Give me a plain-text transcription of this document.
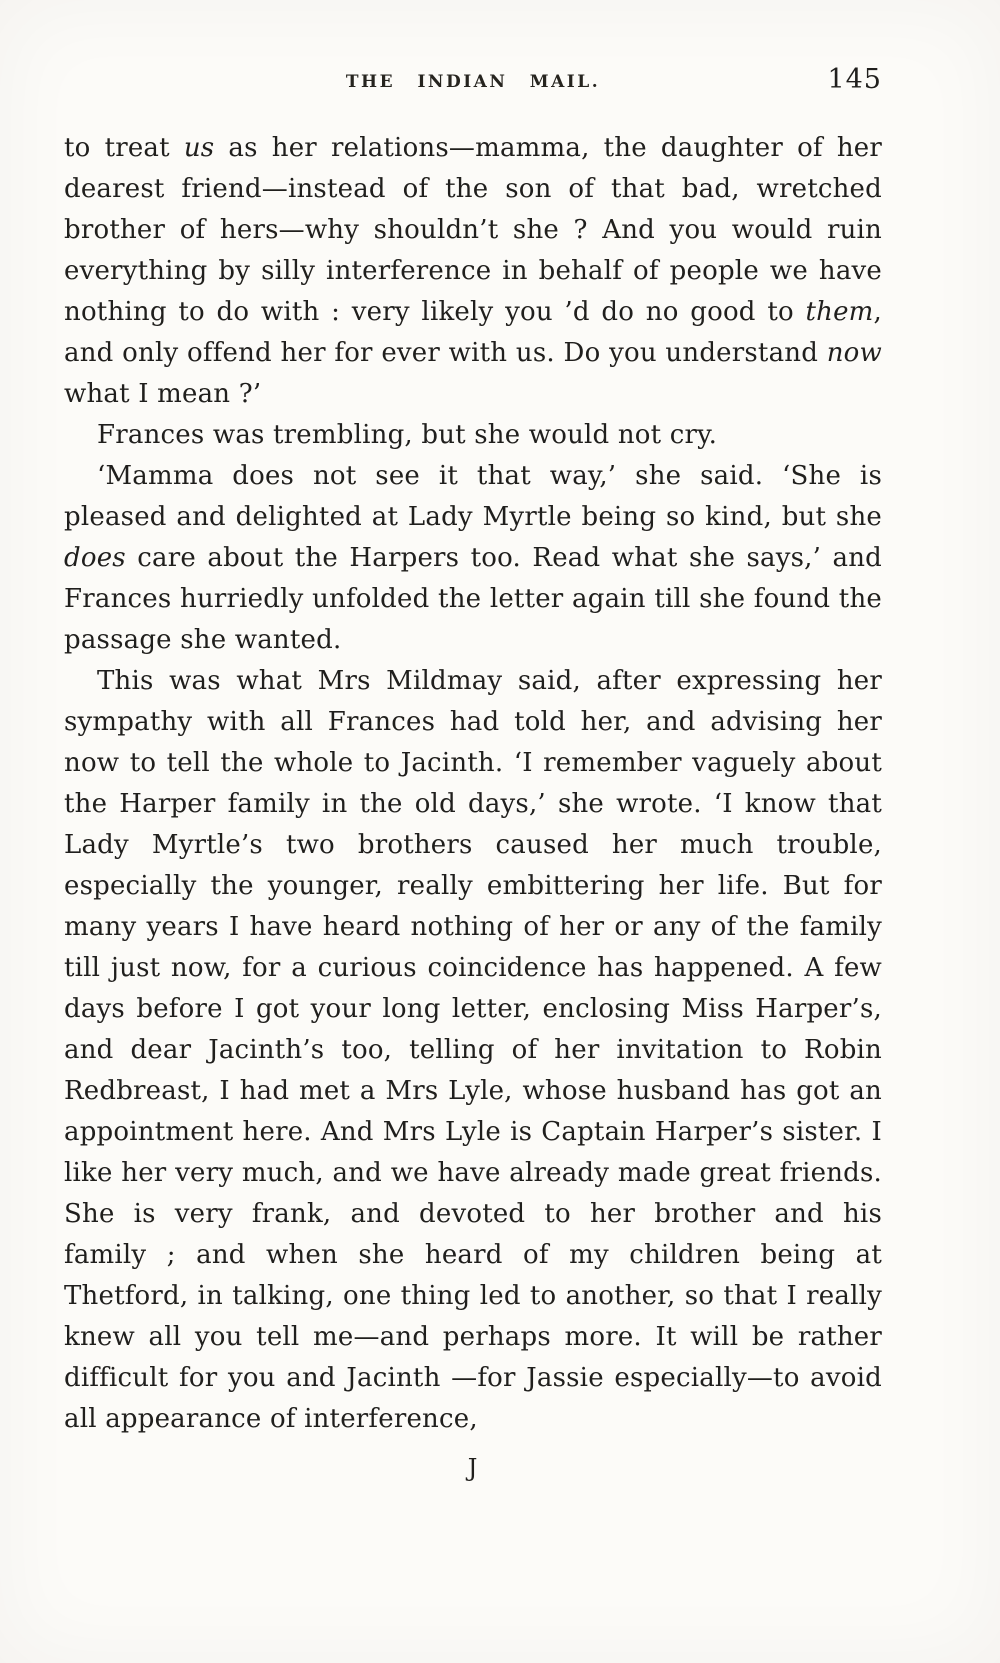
THE INDIAN MAIL.	145

to treat us as her relations—mamma, the daughter of her dearest friend—instead of the son of that bad, wretched brother of hers—why shouldn’t she ? And you would ruin everything by silly interference in behalf of people we have nothing to do with : very likely you ’d do no good to them, and only offend her for ever with us. Do you understand now what I mean ?’

Frances was trembling, but she would not cry.

‘Mamma does not see it that way,’ she said. ‘She is pleased and delighted at Lady Myrtle being so kind, but she does care about the Harpers too. Read what she says,’ and Frances hurriedly unfolded the letter again till she found the passage she wanted.

This was what Mrs Mildmay said, after expressing her sympathy with all Frances had told her, and advising her now to tell the whole to Jacinth. ‘I remember vaguely about the Harper family in the old days,’ she wrote. ‘I know that Lady Myrtle’s two brothers caused her much trouble, especially the younger, really embittering her life. But for many years I have heard nothing of her or any of the family till just now, for a curious coincidence has happened. A few days before I got your long letter, enclosing Miss Harper’s, and dear Jacinth’s too, telling of her invitation to Robin Redbreast, I had met a Mrs Lyle, whose husband has got an appointment here. And Mrs Lyle is Captain Harper’s sister. I like her very much, and we have already made great friends. She is very frank, and devoted to her brother and his family ; and when she heard of my children being at Thetford, in talking, one thing led to another, so that I really knew all you tell me—and perhaps more. It will be rather difficult for you and Jacinth —for Jassie especially—to avoid all appearance of interference,

J
